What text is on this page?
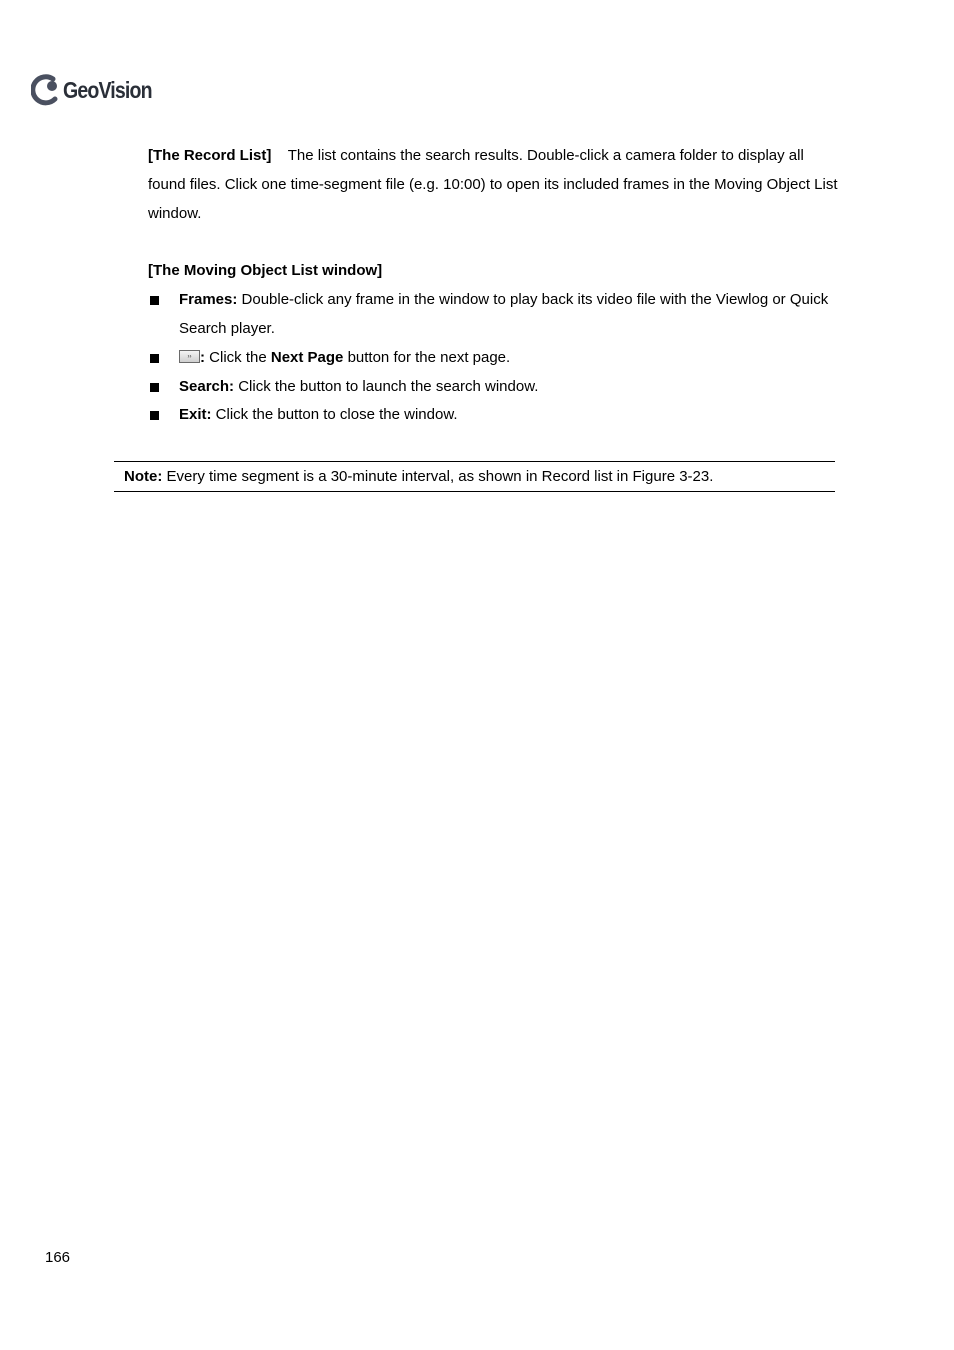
GeoVision

[The Record List] The list contains the search results. Double-click a camera folder to display all found files. Click one time-segment file (e.g. 10:00) to open its included frames in the Moving Object List window.

[The Moving Object List window]

Frames: Double-click any frame in the window to play back its video file with the Viewlog or Quick Search player.
›› : Click the Next Page button for the next page.
Search: Click the button to launch the search window.
Exit: Click the button to close the window.
Note: Every time segment is a 30-minute interval, as shown in Record list in Figure 3-23.
166
